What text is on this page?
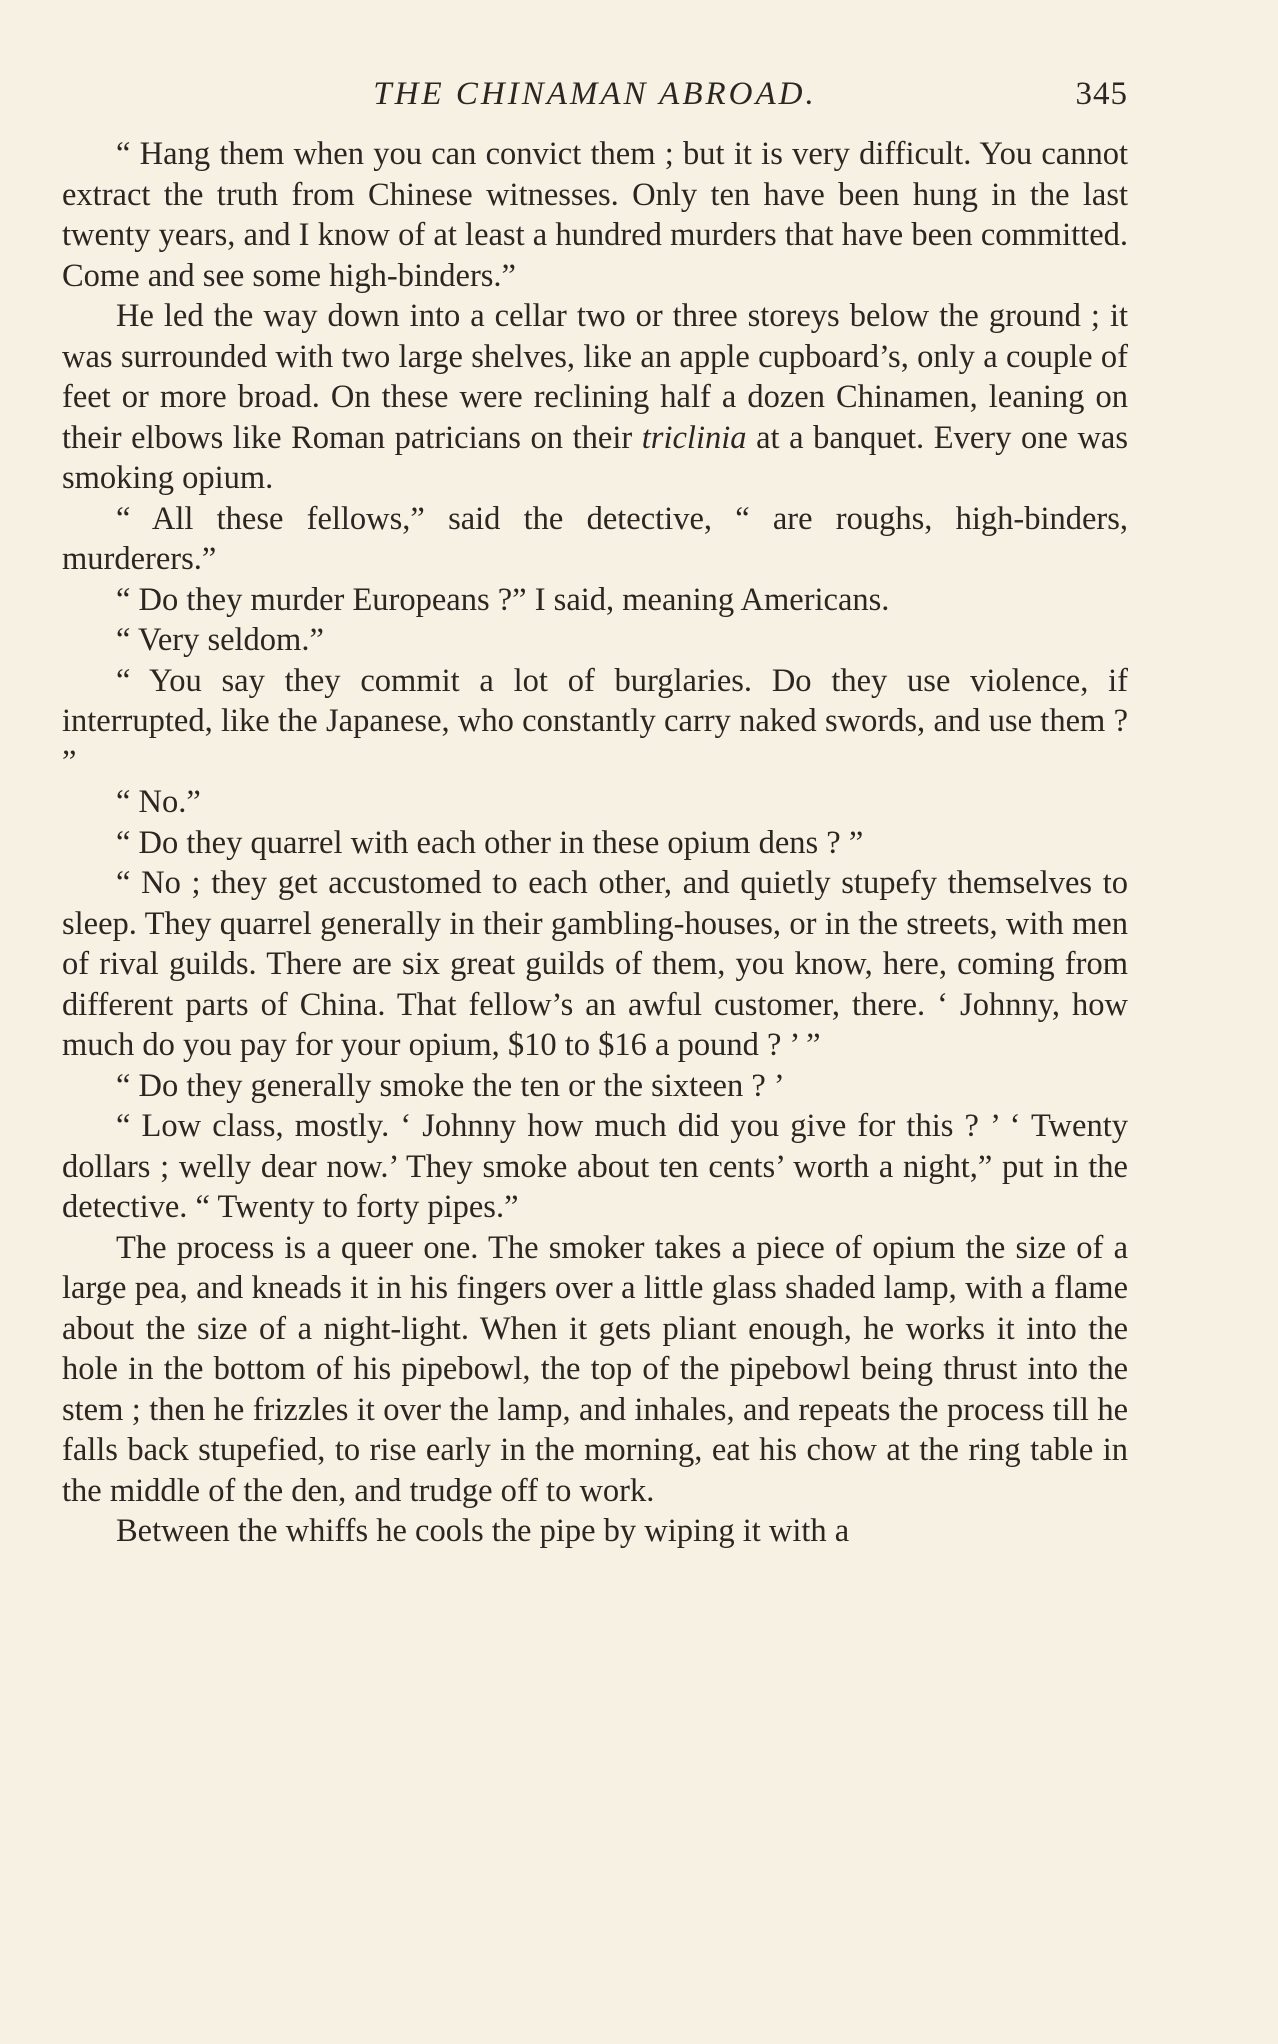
THE CHINAMAN ABROAD.	345

“ Hang them when you can convict them ; but it is very difficult. You cannot extract the truth from Chinese witnesses. Only ten have been hung in the last twenty years, and I know of at least a hundred murders that have been committed. Come and see some high-binders.”

He led the way down into a cellar two or three storeys below the ground ; it was surrounded with two large shelves, like an apple cupboard’s, only a couple of feet or more broad. On these were reclining half a dozen Chinamen, leaning on their elbows like Roman patricians on their triclinia at a banquet. Every one was smoking opium.

“ All these fellows,” said the detective, “ are roughs, high-binders, murderers.”

“ Do they murder Europeans ?” I said, meaning Americans.

“ Very seldom.”

“ You say they commit a lot of burglaries. Do they use violence, if interrupted, like the Japanese, who constantly carry naked swords, and use them ? ”

“ No.”

“ Do they quarrel with each other in these opium dens ? ”

“ No ; they get accustomed to each other, and quietly stupefy themselves to sleep. They quarrel generally in their gambling-houses, or in the streets, with men of rival guilds. There are six great guilds of them, you know, here, coming from different parts of China. That fellow’s an awful customer, there. ‘ Johnny, how much do you pay for your opium, $10 to $16 a pound ? ’ ”

“ Do they generally smoke the ten or the sixteen ? ’

“ Low class, mostly. ‘ Johnny how much did you give for this ? ’ ‘ Twenty dollars ; welly dear now.’ They smoke about ten cents’ worth a night,” put in the detective. “ Twenty to forty pipes.”

The process is a queer one. The smoker takes a piece of opium the size of a large pea, and kneads it in his fingers over a little glass shaded lamp, with a flame about the size of a night-light. When it gets pliant enough, he works it into the hole in the bottom of his pipebowl, the top of the pipebowl being thrust into the stem ; then he frizzles it over the lamp, and inhales, and repeats the process till he falls back stupefied, to rise early in the morning, eat his chow at the ring table in the middle of the den, and trudge off to work.

Between the whiffs he cools the pipe by wiping it with a
